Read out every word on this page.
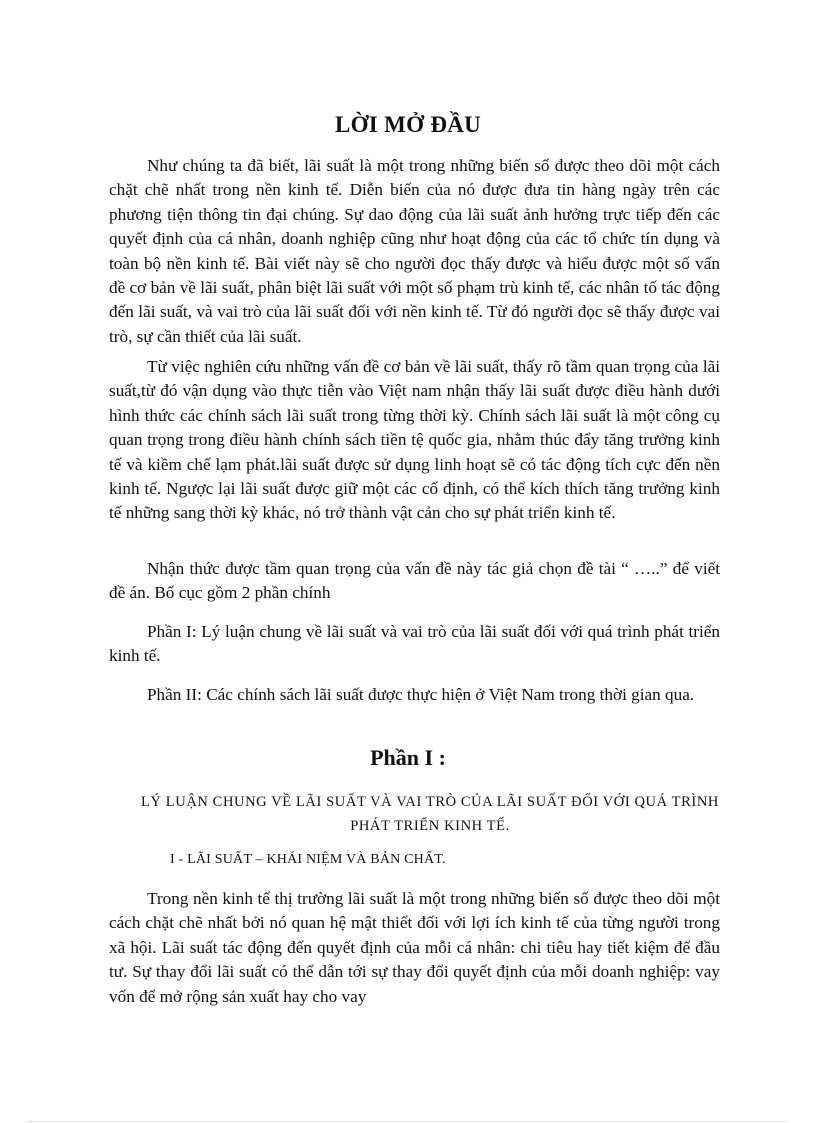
LỜI MỞ ĐẦU

Như chúng ta đã biết, lãi suất là một trong những biến số được theo dõi một cách chặt chẽ nhất trong nền kinh tế. Diễn biến của nó được đưa tin hàng ngày trên các phương tiện thông tin đại chúng. Sự dao động của lãi suất ảnh hưởng trực tiếp đến các quyết định của cá nhân, doanh nghiệp cũng như hoạt động của các tổ chức tín dụng và toàn bộ nền kinh tế. Bài viết này sẽ cho người đọc thấy được và hiểu được một số vấn đề cơ bản về lãi suất, phân biệt lãi suất với một số phạm trù kinh tế, các nhân tố tác động đến lãi suất, và vai trò của lãi suất đối với nền kinh tế. Từ đó người đọc sẽ thấy được vai trò, sự cần thiết của lãi suất.

Từ việc nghiên cứu những vấn đề cơ bản về lãi suất, thấy rõ tầm quan trọng của lãi suất,từ đó vận dụng vào thực tiễn vào Việt nam nhận thấy lãi suất được điều hành dưới hình thức các chính sách lãi suất trong từng thời kỳ. Chính sách lãi suất là một công cụ quan trọng trong điều hành chính sách tiền tệ quốc gia, nhằm thúc đẩy tăng trưởng kinh tế và kiềm chế lạm phát.lãi suất được sử dụng linh hoạt sẽ có tác động tích cực đến nền kinh tế. Ngược lại lãi suất được giữ một các cố định, có thể kích thích tăng trưởng kinh tế những sang thời kỳ khác, nó trở thành vật cản cho sự phát triển kinh tế.

Nhận thức được tầm quan trọng của vấn đề này tác giả chọn đề tài “ …..” để viết đề án. Bố cục gồm 2 phần chính

Phần I: Lý luận chung về lãi suất và vai trò của lãi suất đối với quá trình phát triển kinh tế.

Phần II: Các chính sách lãi suất được thực hiện ở Việt Nam trong thời gian qua.

Phần I :

LÝ LUẬN CHUNG VỀ LÃI SUẤT VÀ VAI TRÒ CỦA LÃI SUẤT ĐỐI VỚI QUÁ TRÌNH PHÁT TRIỂN KINH TẾ.

I - LÃI SUẤT – KHÁI NIỆM VÀ BẢN CHẤT.

Trong nền kinh tế thị trường lãi suất là một trong những biến số được theo dõi một cách chặt chẽ nhất bởi nó quan hệ mật thiết đối với lợi ích kinh tế của từng người trong xã hội. Lãi suất tác động đến quyết định của mỗi cá nhân: chi tiêu hay tiết kiệm để đầu tư. Sự thay đổi lãi suất có thể dẫn tới sự thay đổi quyết định của mỗi doanh nghiệp: vay vốn để mở rộng sản xuất hay cho vay
